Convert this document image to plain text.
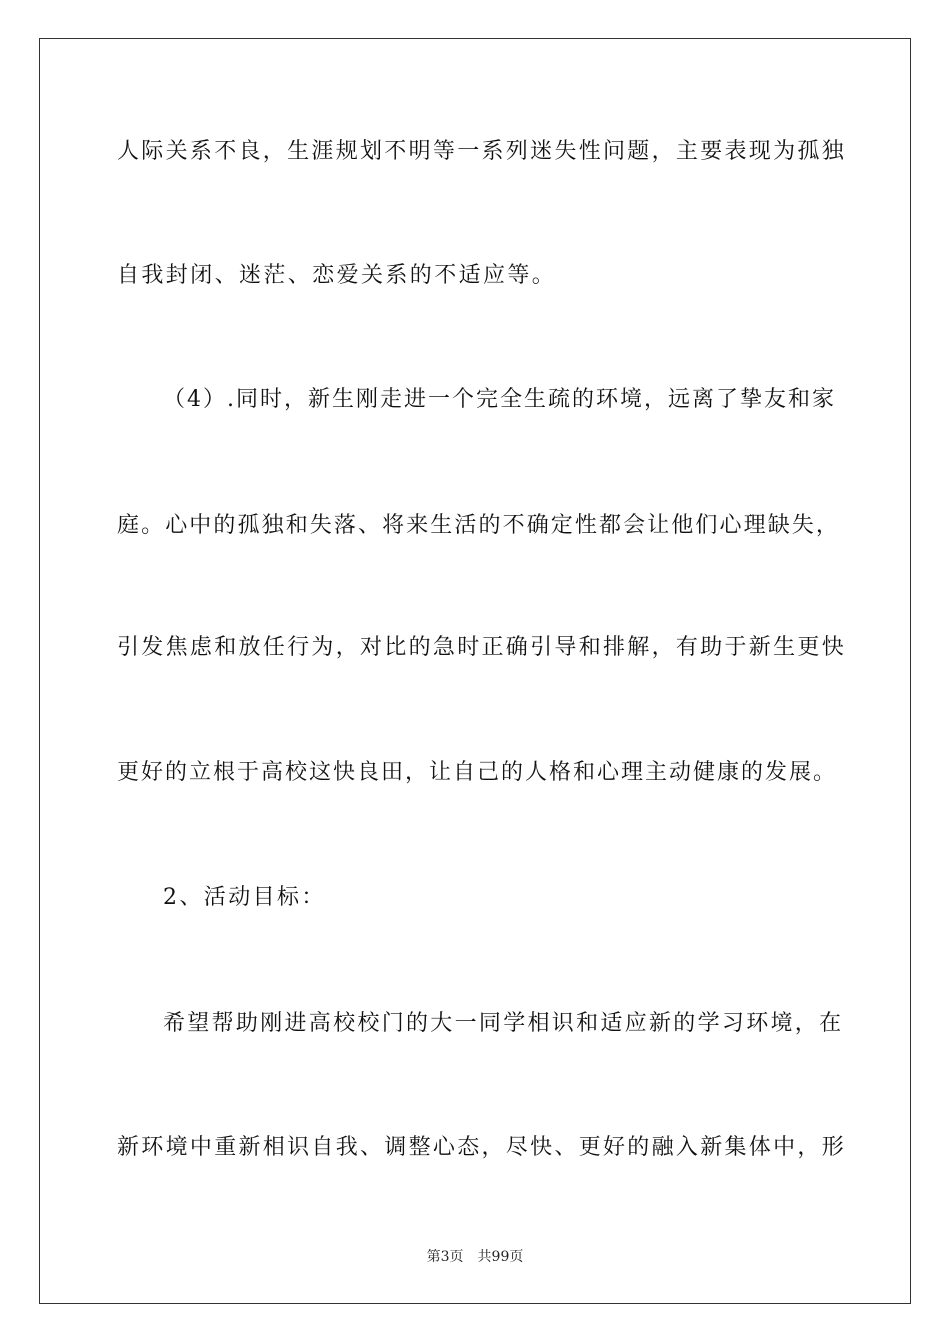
人际关系不良，生涯规划不明等一系列迷失性问题，主要表现为孤独
自我封闭、迷茫、恋爱关系的不适应等。
（4）.同时，新生刚走进一个完全生疏的环境，远离了挚友和家
庭。心中的孤独和失落、将来生活的不确定性都会让他们心理缺失，
引发焦虑和放任行为，对比的急时正确引导和排解，有助于新生更快
更好的立根于高校这快良田，让自己的人格和心理主动健康的发展。
2、活动目标：
希望帮助刚进高校校门的大一同学相识和适应新的学习环境，在
新环境中重新相识自我、调整心态，尽快、更好的融入新集体中，形
第3页 共99页
